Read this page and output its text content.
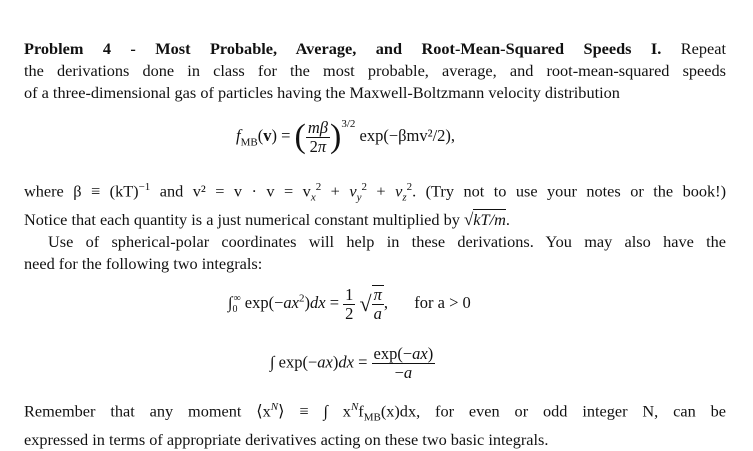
Problem 4 - Most Probable, Average, and Root-Mean-Squared Speeds I. Repeat
the derivations done in class for the most probable, average, and root-mean-squared speeds
of a three-dimensional gas of particles having the Maxwell-Boltzmann velocity distribution
$f_{MB}(v)$ = ( $\frac{m\beta}{2\pi} )^{3/2}$ exp(−βmv²/2),
where β ≡ (kT)$^{-1}$ and $v^2 = v \cdot v = v_x^2 + v_y^2 + v_z^2$. (Try not to use your notes or the book!)
Notice that each quantity is a just numerical constant multiplied by √kT/m.
Use of spherical-polar coordinates will help in these derivations. You may also have the
need for the following two integrals:
$\int_0^\infty$ $\exp(-ax^2)dx = \frac{1}{2}$ √ $\frac{\pi}{a}$ ,  for a > 0
∫ $\exp(-ax)dx = \frac{\exp(-ax)}{-a}$
Remember that any moment $⟨x^N⟩$ ≡ ∫ $x^Nf_{MB}(x)dx$, for even or odd integer N, can be
expressed in terms of appropriate derivatives acting on these two basic integrals.
